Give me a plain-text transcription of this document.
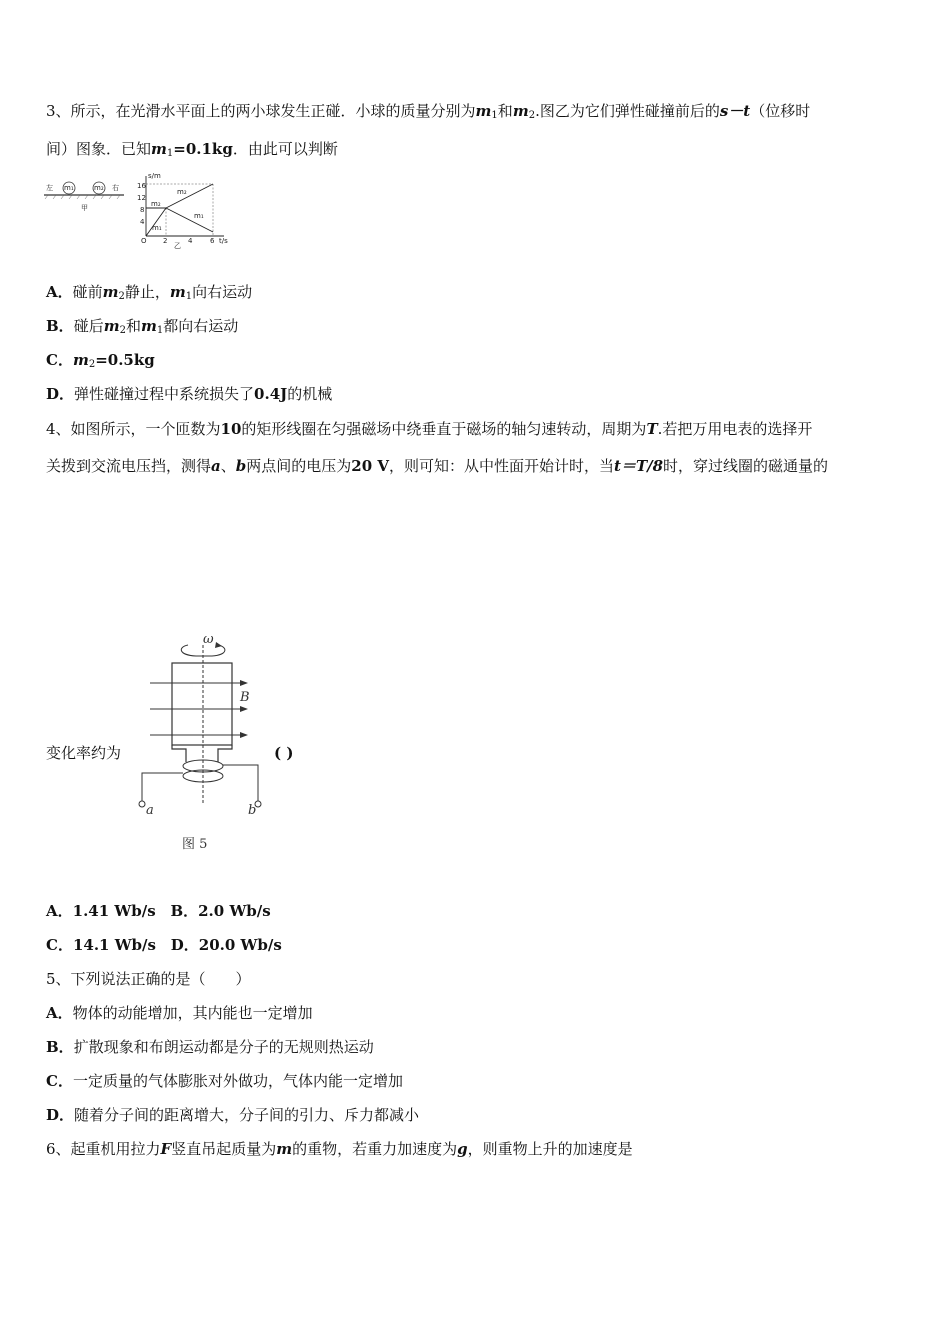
3、所示，在光滑水平面上的两小球发生正碰．小球的质量分别为$m_1$和$m_2$.图乙为它们弹性碰撞前后的s－t（位移时
间）图象．已知$m_1=0.1kg$．由此可以判断
左 m₁	m₂ 右
甲
s/m
16
12
8
4
O 2	4	6 t/s
m₁
m₂
m₁
m₂
乙
A．碰前$m_2$静止，$m_1$向右运动
B．碰后$m_2$和$m_1$都向右运动
C．$m_2=0.5kg$
D．弹性碰撞过程中系统损失了0.4J的机械
4、如图所示，一个匝数为10的矩形线圈在匀强磁场中绕垂直于磁场的轴匀速转动，周期为T.若把万用电表的选择开
关拨到交流电压挡，测得a、b两点间的电压为20 V，则可知：从中性面开始计时，当t＝T/8时，穿过线圈的磁通量的
变化率约为	( )
ω
B
a	b
图 5
A．1.41 Wb/s B．2.0 Wb/s
C．14.1 Wb/s D．20.0 Wb/s
5、下列说法正确的是（　　）
A．物体的动能增加，其内能也一定增加
B．扩散现象和布朗运动都是分子的无规则热运动
C．一定质量的气体膨胀对外做功，气体内能一定增加
D．随着分子间的距离增大，分子间的引力、斥力都减小
6、起重机用拉力F竖直吊起质量为m的重物，若重力加速度为g，则重物上升的加速度是
